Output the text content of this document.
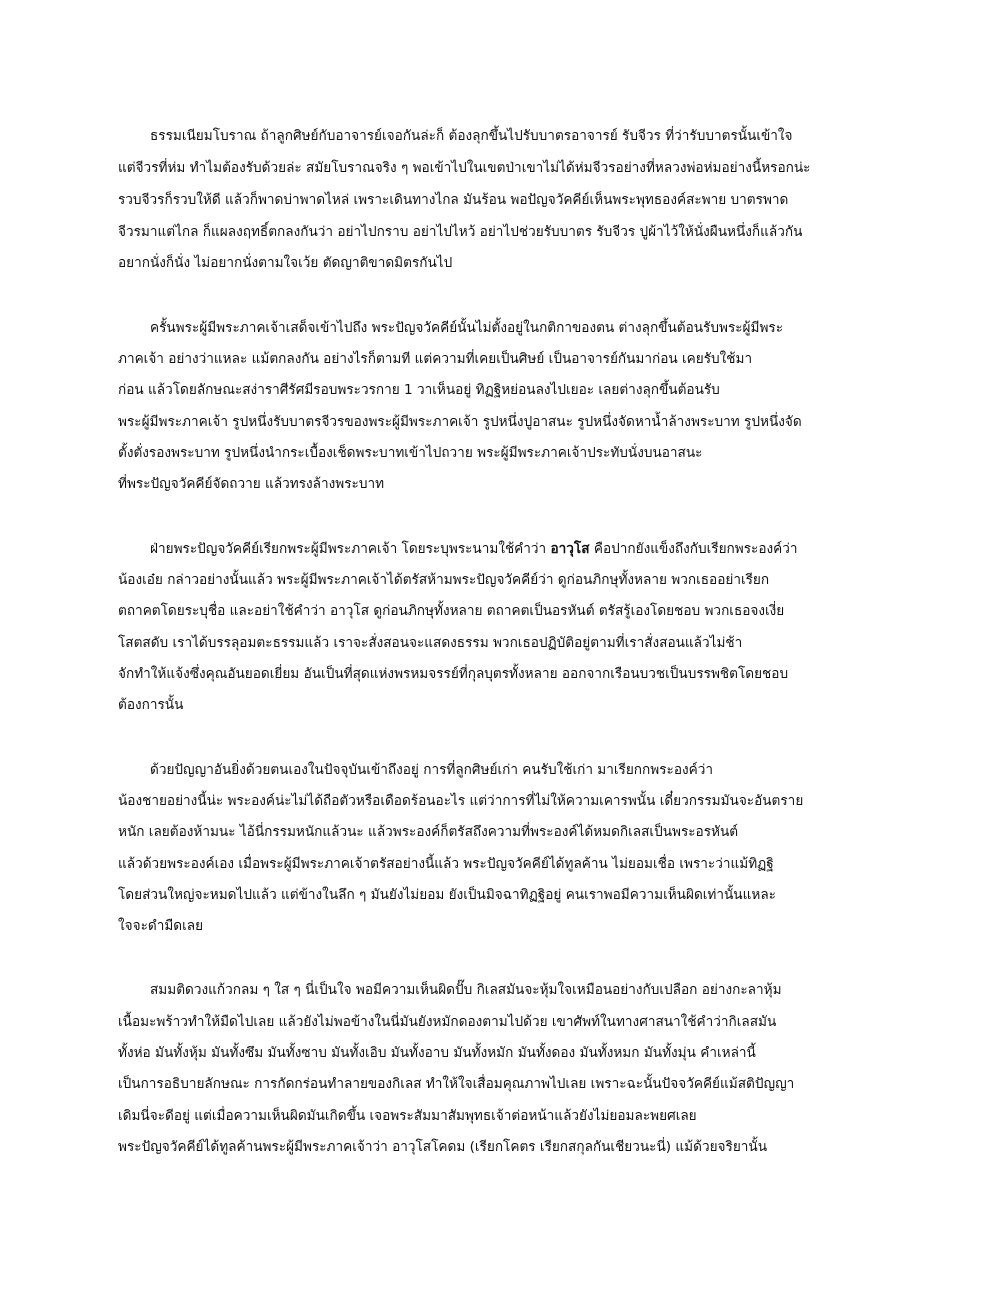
ธรรมเนียมโบราณ ถ้าลูกศิษย์กับอาจารย์เจอกันล่ะก็ ต้องลุกขึ้นไปรับบาตรอาจารย์ รับจีวร ที่ว่ารับบาตรนั้นเข้าใจ
แต่จีวรที่ห่ม ทำไมต้องรับด้วยล่ะ สมัยโบราณจริง ๆ พอเข้าไปในเขตป่าเขาไม่ได้ห่มจีวรอย่างที่หลวงพ่อห่มอย่างนี้หรอกน่ะ
รวบจีวรก็รวบให้ดี แล้วก็พาดบ่าพาดไหล่ เพราะเดินทางไกล มันร้อน พอปัญจวัคคีย์เห็นพระพุทธองค์สะพาย บาตรพาด
จีวรมาแต่ไกล ก็แผลงฤทธิ์ตกลงกันว่า อย่าไปกราบ อย่าไปไหว้ อย่าไปช่วยรับบาตร รับจีวร ปูผ้าไว้ให้นั่งผืนหนึ่งก็แล้วกัน
อยากนั่งก็นั่ง ไม่อยากนั่งตามใจเว้ย ตัดญาติขาดมิตรกันไป
ครั้นพระผู้มีพระภาคเจ้าเสด็จเข้าไปถึง พระปัญจวัคคีย์นั้นไม่ตั้งอยู่ในกติกาของตน ต่างลุกขึ้นต้อนรับพระผู้มีพระ
ภาคเจ้า อย่างว่าแหละ แม้ตกลงกัน อย่างไรก็ตามที แต่ความที่เคยเป็นศิษย์ เป็นอาจารย์กันมาก่อน เคยรับใช้มา
ก่อน แล้วโดยลักษณะสง่าราศีรัศมีรอบพระวรกาย 1 วาเห็นอยู่ ทิฏฐิหย่อนลงไปเยอะ เลยต่างลุกขึ้นต้อนรับ
พระผู้มีพระภาคเจ้า รูปหนึ่งรับบาตรจีวรของพระผู้มีพระภาคเจ้า รูปหนึ่งปูอาสนะ รูปหนึ่งจัดหาน้ำล้างพระบาท รูปหนึ่งจัด
ตั้งตั่งรองพระบาท รูปหนึ่งนำกระเบื้องเช็ดพระบาทเข้าไปถวาย พระผู้มีพระภาคเจ้าประทับนั่งบนอาสนะ
ที่พระปัญจวัคคีย์จัดถวาย แล้วทรงล้างพระบาท
ฝ่ายพระปัญจวัคคีย์เรียกพระผู้มีพระภาคเจ้า โดยระบุพระนามใช้คำว่า อาวุโส คือปากยังแข็งถึงกับเรียกพระองค์ว่า
น้องเอ๋ย กล่าวอย่างนั้นแล้ว พระผู้มีพระภาคเจ้าได้ตรัสห้ามพระปัญจวัคคีย์ว่า ดูก่อนภิกษุทั้งหลาย พวกเธออย่าเรียก
ตถาคตโดยระบุชื่อ และอย่าใช้คำว่า อาวุโส ดูก่อนภิกษุทั้งหลาย ตถาคตเป็นอรหันต์ ตรัสรู้เองโดยชอบ พวกเธอจงเงี่ย
โสตสดับ เราได้บรรลุอมตะธรรมแล้ว เราจะสั่งสอนจะแสดงธรรม พวกเธอปฏิบัติอยู่ตามที่เราสั่งสอนแล้วไม่ช้า
จักทำให้แจ้งซึ่งคุณอันยอดเยี่ยม อันเป็นที่สุดแห่งพรหมจรรย์ที่กุลบุตรทั้งหลาย ออกจากเรือนบวชเป็นบรรพชิตโดยชอบ
ต้องการนั้น
ด้วยปัญญาอันยิ่งด้วยตนเองในปัจจุบันเข้าถึงอยู่ การที่ลูกศิษย์เก่า คนรับใช้เก่า มาเรียกกพระองค์ว่า
น้องชายอย่างนี้น่ะ พระองค์น่ะไม่ได้ถือตัวหรือเดือดร้อนอะไร แต่ว่าการที่ไม่ให้ความเคารพนั้น เดี๋ยวกรรมมันจะอันตราย
หนัก เลยต้องห้ามนะ ไอ้นี่กรรมหนักแล้วนะ แล้วพระองค์ก็ตรัสถึงความที่พระองค์ได้หมดกิเลสเป็นพระอรหันต์
แล้วด้วยพระองค์เอง เมื่อพระผู้มีพระภาคเจ้าตรัสอย่างนี้แล้ว พระปัญจวัคคีย์ได้ทูลค้าน ไม่ยอมเชื่อ เพราะว่าแม้ทิฏฐิ
โดยส่วนใหญ่จะหมดไปแล้ว แต่ข้างในลึก ๆ มันยังไม่ยอม ยังเป็นมิจฉาทิฏฐิอยู่ คนเราพอมีความเห็นผิดเท่านั้นแหละ
ใจจะดำมืดเลย
สมมติดวงแก้วกลม ๆ ใส ๆ นี่เป็นใจ พอมีความเห็นผิดปั๊บ กิเลสมันจะหุ้มใจเหมือนอย่างกับเปลือก อย่างกะลาหุ้ม
เนื้อมะพร้าวทำให้มืดไปเลย แล้วยังไม่พอข้างในนี่มันยังหมักดองตามไปด้วย เขาศัพท์ในทางศาสนาใช้คำว่ากิเลสมัน
ทั้งห่อ มันทั้งหุ้ม มันทั้งซึม มันทั้งซาบ มันทั้งเอิบ มันทั้งอาบ มันทั้งหมัก มันทั้งดอง มันทั้งหมก มันทั้งมุ่น คำเหล่านี้
เป็นการอธิบายลักษณะ การกัดกร่อนทำลายของกิเลส ทำให้ใจเสื่อมคุณภาพไปเลย เพราะฉะนั้นปัจจวัคคีย์แม้สติปัญญา
เดิมนี่จะดีอยู่ แต่เมื่อความเห็นผิดมันเกิดขึ้น เจอพระสัมมาสัมพุทธเจ้าต่อหน้าแล้วยังไม่ยอมละพยศเลย
พระปัญจวัคคีย์ได้ทูลค้านพระผู้มีพระภาคเจ้าว่า อาวุโสโคดม (เรียกโคตร เรียกสกุลกันเชียวนะนี่) แม้ด้วยจริยานั้น
